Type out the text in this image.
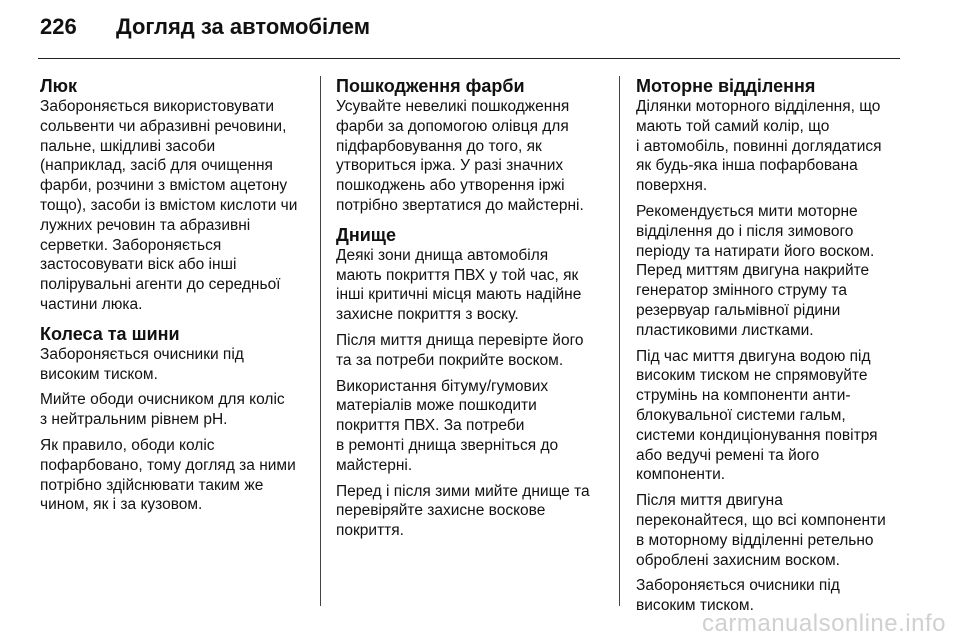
226	Догляд за автомобілем
Люк

Забороняється використовувати
сольвенти чи абразивні речовини,
пальне, шкідливі засоби
(наприклад, засіб для очищення
фарби, розчини з вмістом ацетону
тощо), засоби із вмістом кислоти чи
лужних речовин та абразивні
серветки. Забороняється
застосовувати віск або інші
полірувальні агенти до середньої
частини люка.

Колеса та шини

Забороняється очисники під
високим тиском.

Мийте ободи очисником для коліс
з нейтральним рівнем pH.

Як правило, ободи коліс
пофарбовано, тому догляд за ними
потрібно здійснювати таким же
чином, як і за кузовом.

Пошкодження фарби

Усувайте невеликі пошкодження
фарби за допомогою олівця для
підфарбовування до того, як
утвориться іржа. У разі значних
пошкоджень або утворення іржі
потрібно звертатися до майстерні.

Днище

Деякі зони днища автомобіля
мають покриття ПВХ у той час, як
інші критичні місця мають надійне
захисне покриття з воску.

Після миття днища перевірте його
та за потреби покрийте воском.

Використання бітуму/гумових
матеріалів може пошкодити
покриття ПВХ. За потреби
в ремонті днища зверніться до
майстерні.

Перед і після зими мийте днище та
перевіряйте захисне воскове
покриття.

Моторне відділення

Ділянки моторного відділення, що
мають той самий колір, що
і автомобіль, повинні доглядатися
як будь-яка інша пофарбована
поверхня.

Рекомендується мити моторне
відділення до і після зимового
періоду та натирати його воском.
Перед миттям двигуна накрийте
генератор змінного струму та
резервуар гальмівної рідини
пластиковими листками.

Під час миття двигуна водою під
високим тиском не спрямовуйте
струмінь на компоненти анти-
блокувальної системи гальм,
системи кондиціонування повітря
або ведучі ремені та його
компоненти.

Після миття двигуна
переконайтеся, що всі компоненти
в моторному відділенні ретельно
оброблені захисним воском.

Забороняється очисники під
високим тиском.

carmanualsonline.info
